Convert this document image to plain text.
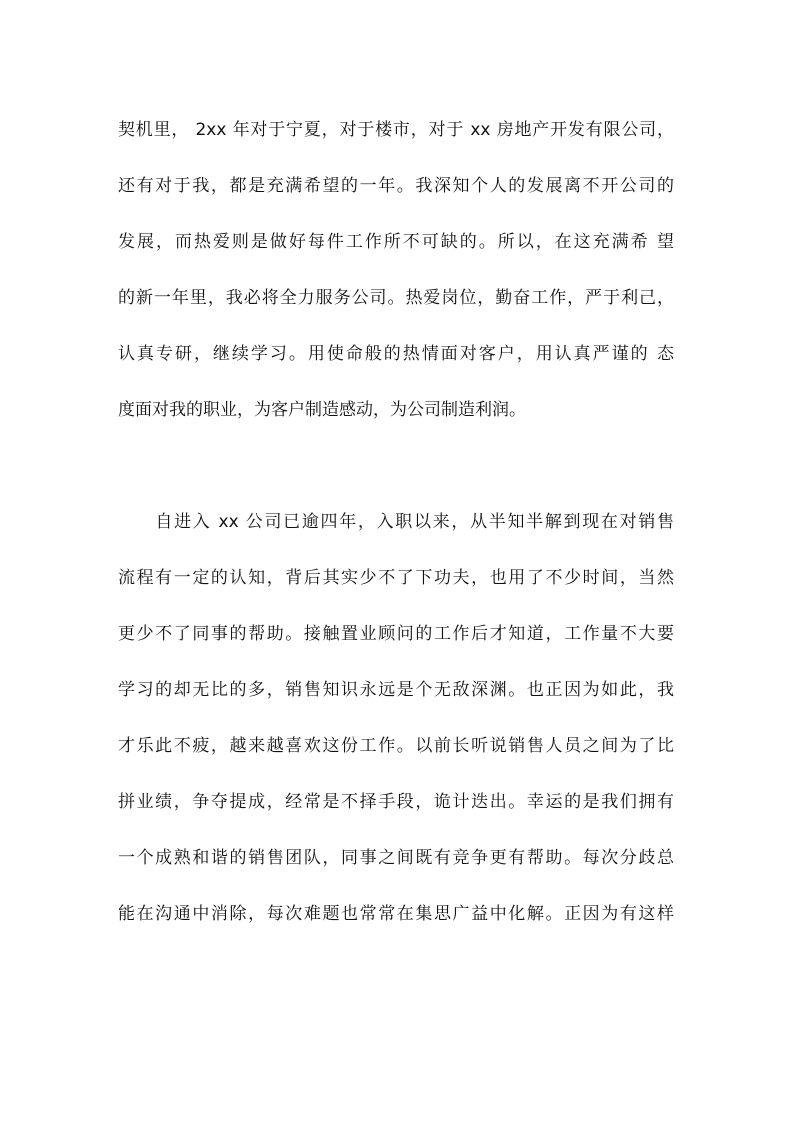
契机里， 2xx 年对于宁夏，对于楼市，对于 xx 房地产开发有限公司，
还有对于我，都是充满希望的一年。我深知个人的发展离不开公司的
发展，而热爱则是做好每件工作所不可缺的。所以，在这充满希 望
的新一年里，我必将全力服务公司。热爱岗位，勤奋工作，严于利己，
认真专研，继续学习。用使命般的热情面对客户，用认真严谨的 态
度面对我的职业，为客户制造感动，为公司制造利润。
　　自进入 xx 公司已逾四年，入职以来，从半知半解到现在对销售
流程有一定的认知，背后其实少不了下功夫，也用了不少时间，当然
更少不了同事的帮助。接触置业顾问的工作后才知道，工作量不大要
学习的却无比的多，销售知识永远是个无敌深渊。也正因为如此，我
才乐此不疲，越来越喜欢这份工作。以前长听说销售人员之间为了比
拼业绩，争夺提成，经常是不择手段，诡计迭出。幸运的是我们拥有
一个成熟和谐的销售团队，同事之间既有竞争更有帮助。每次分歧总
能在沟通中消除，每次难题也常常在集思广益中化解。正因为有这样
